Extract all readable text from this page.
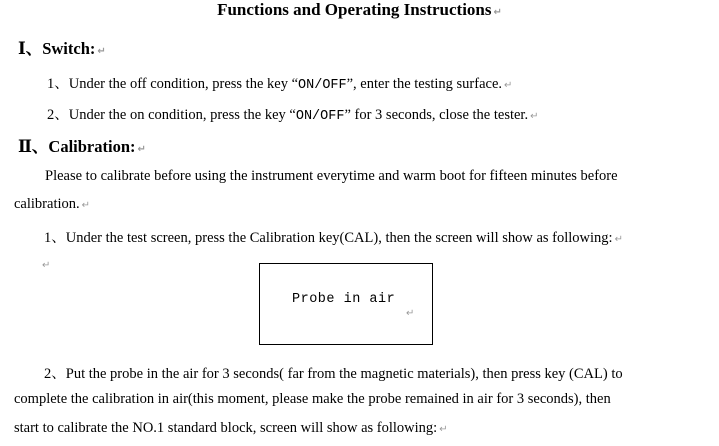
Functions and Operating Instructions ↵
Ⅰ、Switch: ↵
1、Under the off condition, press the key “ON/OFF”, enter the testing surface. ↵
2、Under the on condition, press the key “ON/OFF” for 3 seconds, close the tester. ↵
Ⅱ、Calibration: ↵
Please to calibrate before using the instrument everytime and warm boot for fifteen minutes before
calibration. ↵
1、Under the test screen, press the Calibration key(CAL), then the screen will show as following: ↵
↵
Probe in air
↵
2、Put the probe in the air for 3 seconds( far from the magnetic materials), then press key (CAL) to
complete the calibration in air(this moment, please make the probe remained in air for 3 seconds), then
start to calibrate the NO.1 standard block, screen will show as following: ↵
